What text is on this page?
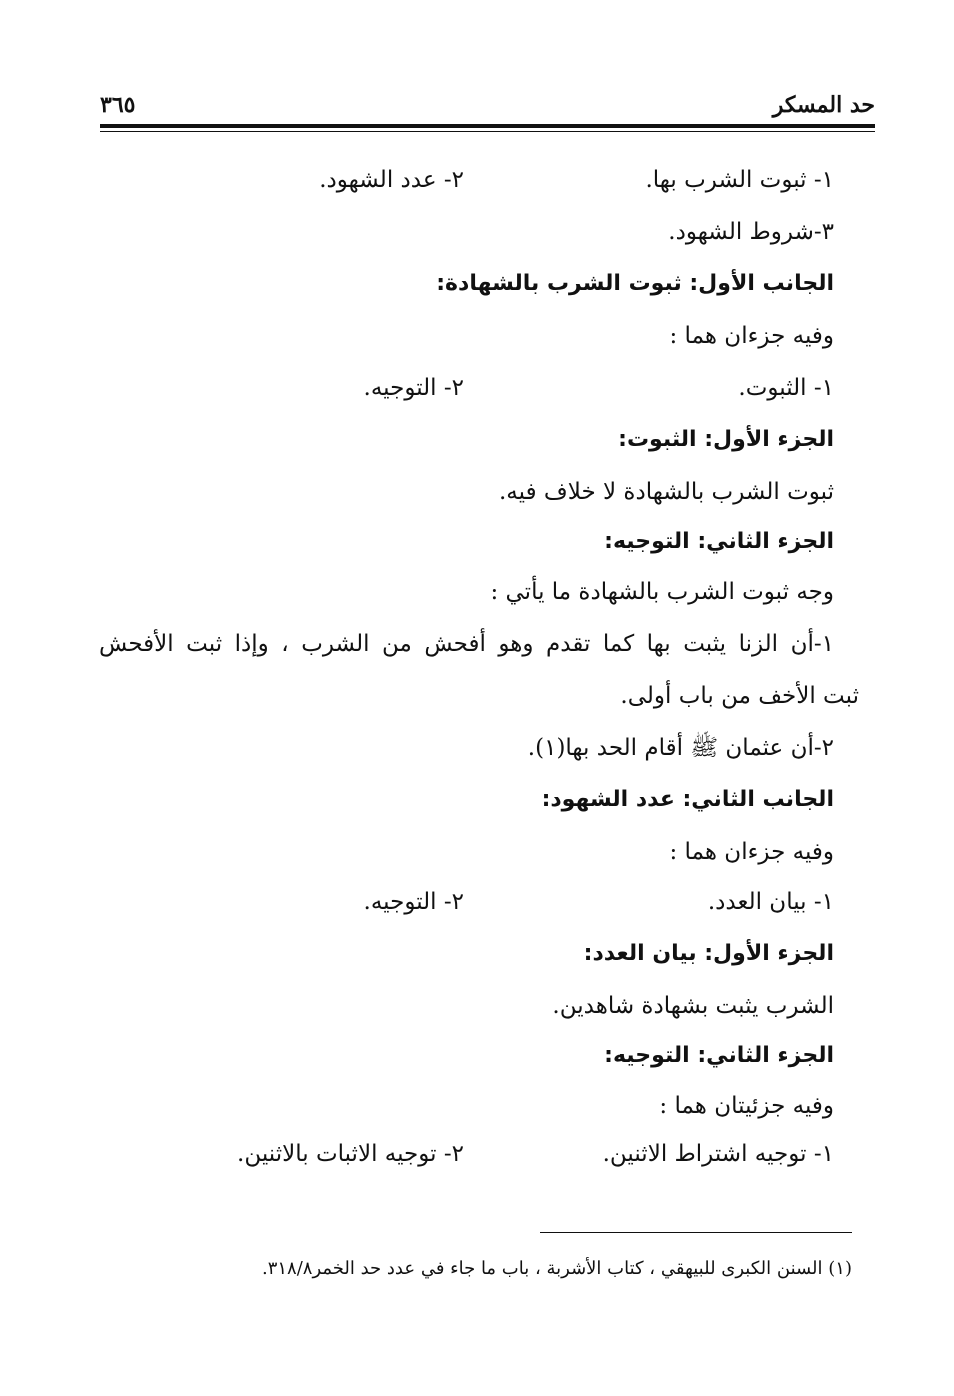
حد المسكر
٣٦٥
١- ثبوت الشرب بها.
٢- عدد الشهود.
٣-شروط الشهود.
الجانب الأول: ثبوت الشرب بالشهادة:
وفيه جزءان هما :
١- الثبوت.
٢- التوجيه.
الجزء الأول: الثبوت:
ثبوت الشرب بالشهادة لا خلاف فيه.
الجزء الثاني: التوجيه:
وجه ثبوت الشرب بالشهادة ما يأتي :
١-أن الزنا يثبت بها كما تقدم وهو أفحش من الشرب ، وإذا ثبت الأفحش
ثبت الأخف من باب أولى.
٢-أن عثمان ﷺ أقام الحد بها(١).
الجانب الثاني: عدد الشهود:
وفيه جزءان هما :
١- بيان العدد.
٢- التوجيه.
الجزء الأول: بيان العدد:
الشرب يثبت بشهادة شاهدين.
الجزء الثاني: التوجيه:
وفيه جزئيتان هما :
١- توجيه اشتراط الاثنين.
٢- توجيه الاثبات بالاثنين.
(١) السنن الكبرى للبيهقي ، كتاب الأشربة ، باب ما جاء في عدد حد الخمر٣١٨/٨.
